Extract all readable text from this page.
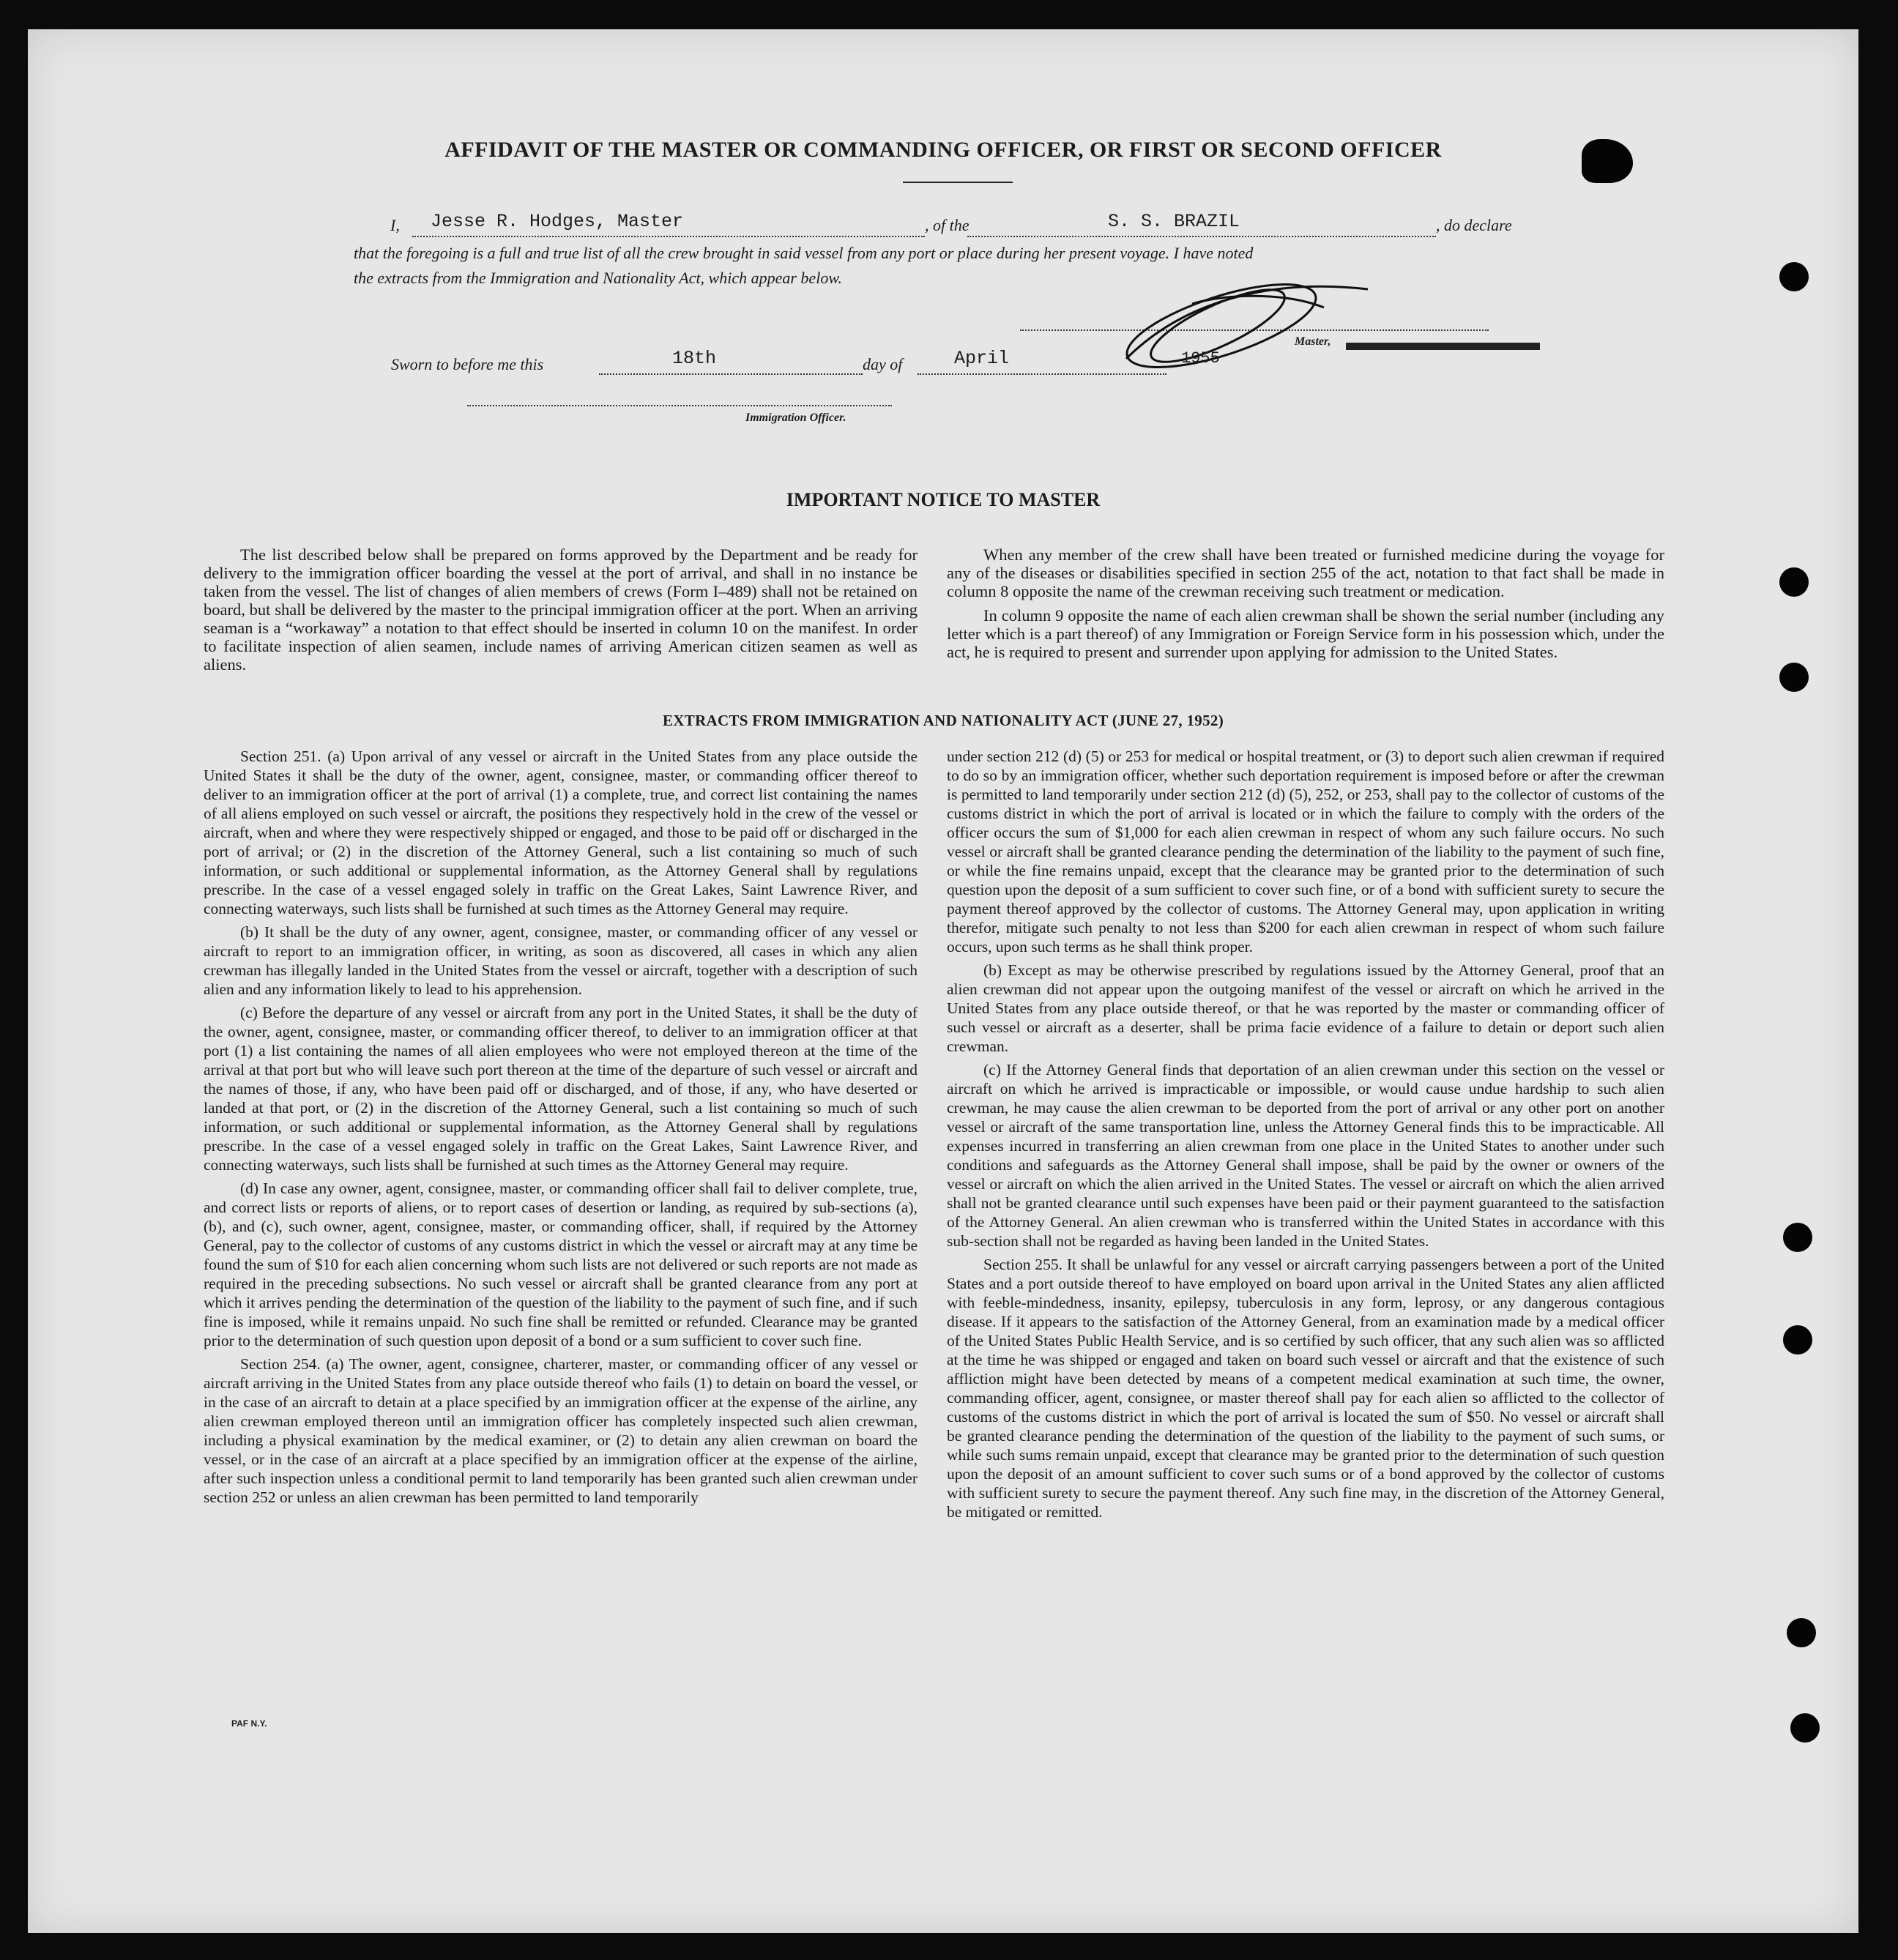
AFFIDAVIT OF THE MASTER OR COMMANDING OFFICER, OR FIRST OR SECOND OFFICER
I, Jesse R. Hodges, Master	, of the	S. S. BRAZIL	, do declare
that the foregoing is a full and true list of all the crew brought in said vessel from any port or place during her present voyage. I have noted
the extracts from the Immigration and Nationality Act, which appear below.
Master,
Sworn to before me this	18th	day of	April	1955
Immigration Officer.
IMPORTANT NOTICE TO MASTER

The list described below shall be prepared on forms approved by the Department and be ready for delivery to the immigration officer boarding the vessel at the port of arrival, and shall in no instance be taken from the vessel. The list of changes of alien members of crews (Form I–489) shall not be retained on board, but shall be delivered by the master to the principal immigration officer at the port. When an arriving seaman is a “workaway” a notation to that effect should be inserted in column 10 on the manifest. In order to facilitate inspection of alien seamen, include names of arriving American citizen seamen as well as aliens.

When any member of the crew shall have been treated or furnished medicine during the voyage for any of the diseases or disabilities specified in section 255 of the act, notation to that fact shall be made in column 8 opposite the name of the crewman receiving such treatment or medication.

In column 9 opposite the name of each alien crewman shall be shown the serial number (including any letter which is a part thereof) of any Immigration or Foreign Service form in his possession which, under the act, he is required to present and surrender upon applying for admission to the United States.

EXTRACTS FROM IMMIGRATION AND NATIONALITY ACT (JUNE 27, 1952)

Section 251. (a) Upon arrival of any vessel or aircraft in the United States from any place outside the United States it shall be the duty of the owner, agent, consignee, master, or commanding officer thereof to deliver to an immigration officer at the port of arrival (1) a complete, true, and correct list containing the names of all aliens employed on such vessel or aircraft, the positions they respectively hold in the crew of the vessel or aircraft, when and where they were respectively shipped or engaged, and those to be paid off or discharged in the port of arrival; or (2) in the discretion of the Attorney General, such a list containing so much of such information, or such additional or supplemental information, as the Attorney General shall by regulations prescribe. In the case of a vessel engaged solely in traffic on the Great Lakes, Saint Lawrence River, and connecting waterways, such lists shall be furnished at such times as the Attorney General may require.

(b) It shall be the duty of any owner, agent, consignee, master, or commanding officer of any vessel or aircraft to report to an immigration officer, in writing, as soon as discovered, all cases in which any alien crewman has illegally landed in the United States from the vessel or aircraft, together with a description of such alien and any information likely to lead to his apprehension.

(c) Before the departure of any vessel or aircraft from any port in the United States, it shall be the duty of the owner, agent, consignee, master, or commanding officer thereof, to deliver to an immigration officer at that port (1) a list containing the names of all alien employees who were not employed thereon at the time of the arrival at that port but who will leave such port thereon at the time of the departure of such vessel or aircraft and the names of those, if any, who have been paid off or discharged, and of those, if any, who have deserted or landed at that port, or (2) in the discretion of the Attorney General, such a list containing so much of such information, or such additional or supplemental information, as the Attorney General shall by regulations prescribe. In the case of a vessel engaged solely in traffic on the Great Lakes, Saint Lawrence River, and connecting waterways, such lists shall be furnished at such times as the Attorney General may require.

(d) In case any owner, agent, consignee, master, or commanding officer shall fail to deliver complete, true, and correct lists or reports of aliens, or to report cases of desertion or landing, as required by sub-sections (a), (b), and (c), such owner, agent, consignee, master, or commanding officer, shall, if required by the Attorney General, pay to the collector of customs of any customs district in which the vessel or aircraft may at any time be found the sum of $10 for each alien concerning whom such lists are not delivered or such reports are not made as required in the preceding subsections. No such vessel or aircraft shall be granted clearance from any port at which it arrives pending the determination of the question of the liability to the payment of such fine, and if such fine is imposed, while it remains unpaid. No such fine shall be remitted or refunded. Clearance may be granted prior to the determination of such question upon deposit of a bond or a sum sufficient to cover such fine.

Section 254. (a) The owner, agent, consignee, charterer, master, or commanding officer of any vessel or aircraft arriving in the United States from any place outside thereof who fails (1) to detain on board the vessel, or in the case of an aircraft to detain at a place specified by an immigration officer at the expense of the airline, any alien crewman employed thereon until an immigration officer has completely inspected such alien crewman, including a physical examination by the medical examiner, or (2) to detain any alien crewman on board the vessel, or in the case of an aircraft at a place specified by an immigration officer at the expense of the airline, after such inspection unless a conditional permit to land temporarily has been granted such alien crewman under section 252 or unless an alien crewman has been permitted to land temporarily

under section 212 (d) (5) or 253 for medical or hospital treatment, or (3) to deport such alien crewman if required to do so by an immigration officer, whether such deportation requirement is imposed before or after the crewman is permitted to land temporarily under section 212 (d) (5), 252, or 253, shall pay to the collector of customs of the customs district in which the port of arrival is located or in which the failure to comply with the orders of the officer occurs the sum of $1,000 for each alien crewman in respect of whom any such failure occurs. No such vessel or aircraft shall be granted clearance pending the determination of the liability to the payment of such fine, or while the fine remains unpaid, except that the clearance may be granted prior to the determination of such question upon the deposit of a sum sufficient to cover such fine, or of a bond with sufficient surety to secure the payment thereof approved by the collector of customs. The Attorney General may, upon application in writing therefor, mitigate such penalty to not less than $200 for each alien crewman in respect of whom such failure occurs, upon such terms as he shall think proper.

(b) Except as may be otherwise prescribed by regulations issued by the Attorney General, proof that an alien crewman did not appear upon the outgoing manifest of the vessel or aircraft on which he arrived in the United States from any place outside thereof, or that he was reported by the master or commanding officer of such vessel or aircraft as a deserter, shall be prima facie evidence of a failure to detain or deport such alien crewman.

(c) If the Attorney General finds that deportation of an alien crewman under this section on the vessel or aircraft on which he arrived is impracticable or impossible, or would cause undue hardship to such alien crewman, he may cause the alien crewman to be deported from the port of arrival or any other port on another vessel or aircraft of the same transportation line, unless the Attorney General finds this to be impracticable. All expenses incurred in transferring an alien crewman from one place in the United States to another under such conditions and safeguards as the Attorney General shall impose, shall be paid by the owner or owners of the vessel or aircraft on which the alien arrived in the United States. The vessel or aircraft on which the alien arrived shall not be granted clearance until such expenses have been paid or their payment guaranteed to the satisfaction of the Attorney General. An alien crewman who is transferred within the United States in accordance with this sub-section shall not be regarded as having been landed in the United States.

Section 255. It shall be unlawful for any vessel or aircraft carrying passengers between a port of the United States and a port outside thereof to have employed on board upon arrival in the United States any alien afflicted with feeble-mindedness, insanity, epilepsy, tuberculosis in any form, leprosy, or any dangerous contagious disease. If it appears to the satisfaction of the Attorney General, from an examination made by a medical officer of the United States Public Health Service, and is so certified by such officer, that any such alien was so afflicted at the time he was shipped or engaged and taken on board such vessel or aircraft and that the existence of such affliction might have been detected by means of a competent medical examination at such time, the owner, commanding officer, agent, consignee, or master thereof shall pay for each alien so afflicted to the collector of customs of the customs district in which the port of arrival is located the sum of $50. No vessel or aircraft shall be granted clearance pending the determination of the question of the liability to the payment of such sums, or while such sums remain unpaid, except that clearance may be granted prior to the determination of such question upon the deposit of an amount sufficient to cover such sums or of a bond approved by the collector of customs with sufficient surety to secure the payment thereof. Any such fine may, in the discretion of the Attorney General, be mitigated or remitted.

PAF N.Y.
